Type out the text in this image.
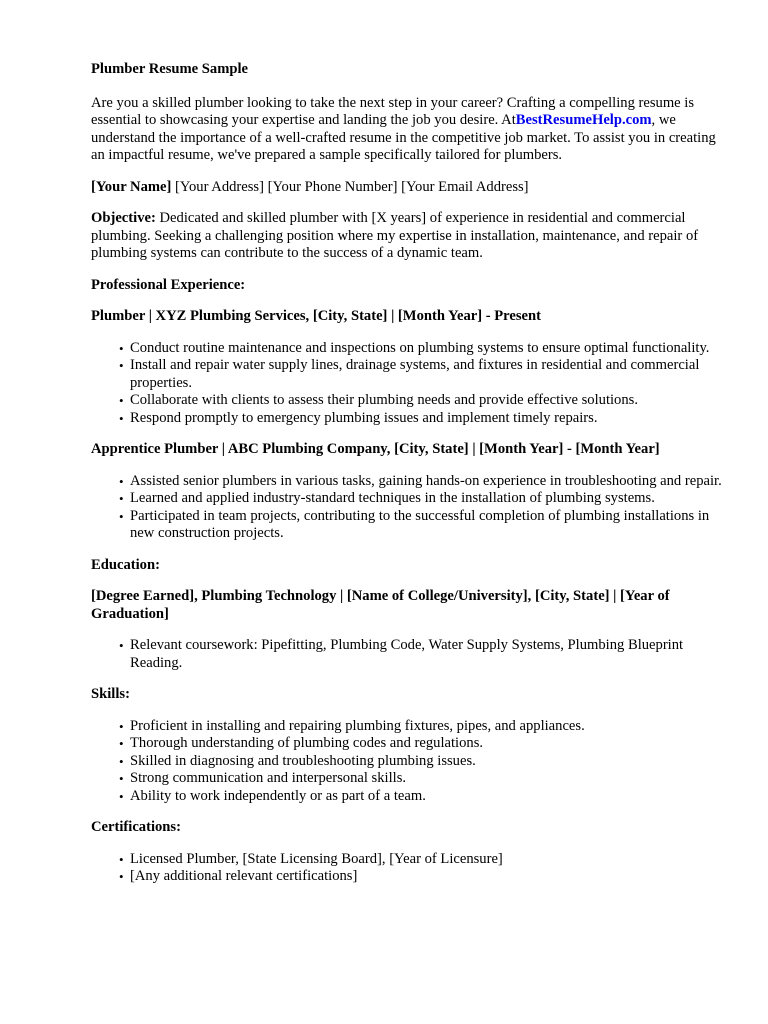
Plumber Resume Sample

Are you a skilled plumber looking to take the next step in your career? Crafting a compelling resume is essential to showcasing your expertise and landing the job you desire. AtBestResumeHelp.com, we understand the importance of a well-crafted resume in the competitive job market. To assist you in creating an impactful resume, we've prepared a sample specifically tailored for plumbers.

[Your Name] [Your Address] [Your Phone Number] [Your Email Address]

Objective: Dedicated and skilled plumber with [X years] of experience in residential and commercial plumbing. Seeking a challenging position where my expertise in installation, maintenance, and repair of plumbing systems can contribute to the success of a dynamic team.

Professional Experience:

Plumber | XYZ Plumbing Services, [City, State] | [Month Year] - Present

• Conduct routine maintenance and inspections on plumbing systems to ensure optimal functionality.
• Install and repair water supply lines, drainage systems, and fixtures in residential and commercial properties.
• Collaborate with clients to assess their plumbing needs and provide effective solutions.
• Respond promptly to emergency plumbing issues and implement timely repairs.

Apprentice Plumber | ABC Plumbing Company, [City, State] | [Month Year] - [Month Year]

• Assisted senior plumbers in various tasks, gaining hands-on experience in troubleshooting and repair.
• Learned and applied industry-standard techniques in the installation of plumbing systems.
• Participated in team projects, contributing to the successful completion of plumbing installations in new construction projects.

Education:

[Degree Earned], Plumbing Technology | [Name of College/University], [City, State] | [Year of Graduation]

• Relevant coursework: Pipefitting, Plumbing Code, Water Supply Systems, Plumbing Blueprint Reading.

Skills:

• Proficient in installing and repairing plumbing fixtures, pipes, and appliances.
• Thorough understanding of plumbing codes and regulations.
• Skilled in diagnosing and troubleshooting plumbing issues.
• Strong communication and interpersonal skills.
• Ability to work independently or as part of a team.

Certifications:

• Licensed Plumber, [State Licensing Board], [Year of Licensure]
• [Any additional relevant certifications]
